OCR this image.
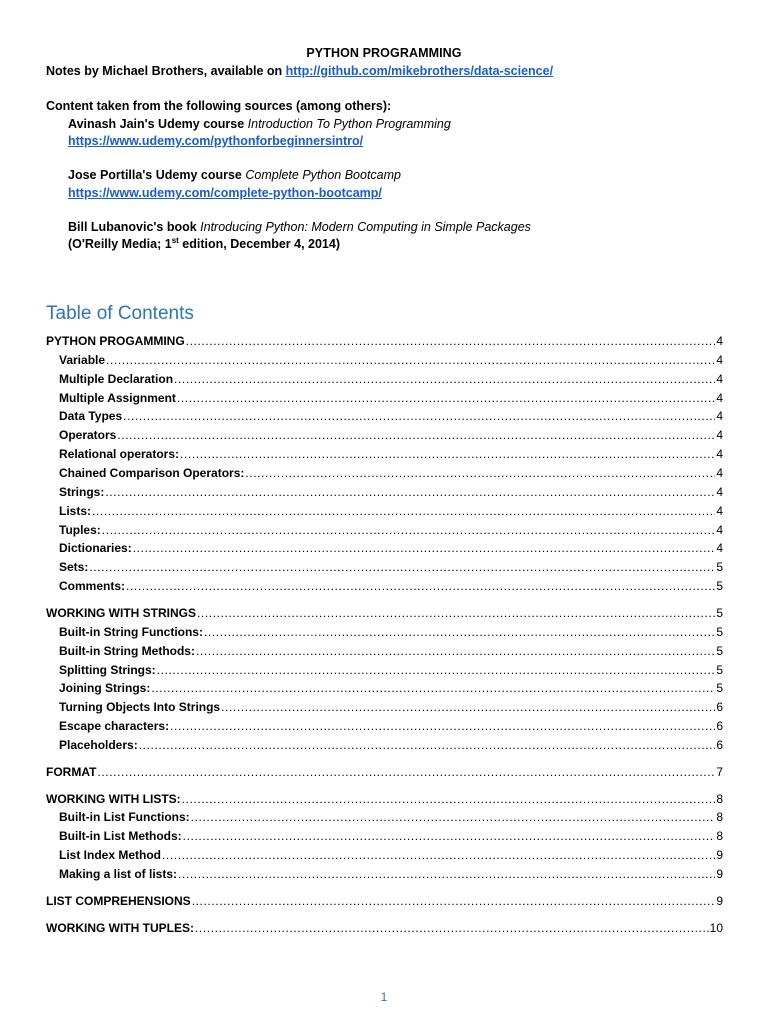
PYTHON PROGRAMMING
Notes by Michael Brothers, available on http://github.com/mikebrothers/data-science/
Content taken from the following sources (among others):
Avinash Jain's Udemy course Introduction To Python Programming
https://www.udemy.com/pythonforbeginnersintro/
Jose Portilla's Udemy course Complete Python Bootcamp
https://www.udemy.com/complete-python-bootcamp/
Bill Lubanovic's book Introducing Python: Modern Computing in Simple Packages
(O'Reilly Media; 1st edition, December 4, 2014)
Table of Contents
PYTHON PROGAMMING .....	4
Variable .....	4
Multiple Declaration .....	4
Multiple Assignment .....	4
Data Types .....	4
Operators .....	4
Relational operators: .....	4
Chained Comparison Operators: .....	4
Strings: .....	4
Lists: .....	4
Tuples: .....	4
Dictionaries: .....	4
Sets: .....	5
Comments: .....	5
WORKING WITH STRINGS .....	5
Built-in String Functions: .....	5
Built-in String Methods: .....	5
Splitting Strings: .....	5
Joining Strings: .....	5
Turning Objects Into Strings .....	6
Escape characters: .....	6
Placeholders: .....	6
FORMAT .....	7
WORKING WITH LISTS: .....	8
Built-in List Functions: .....	8
Built-in List Methods: .....	8
List Index Method .....	9
Making a list of lists: .....	9
LIST COMPREHENSIONS .....	9
WORKING WITH TUPLES: .....	10
1
